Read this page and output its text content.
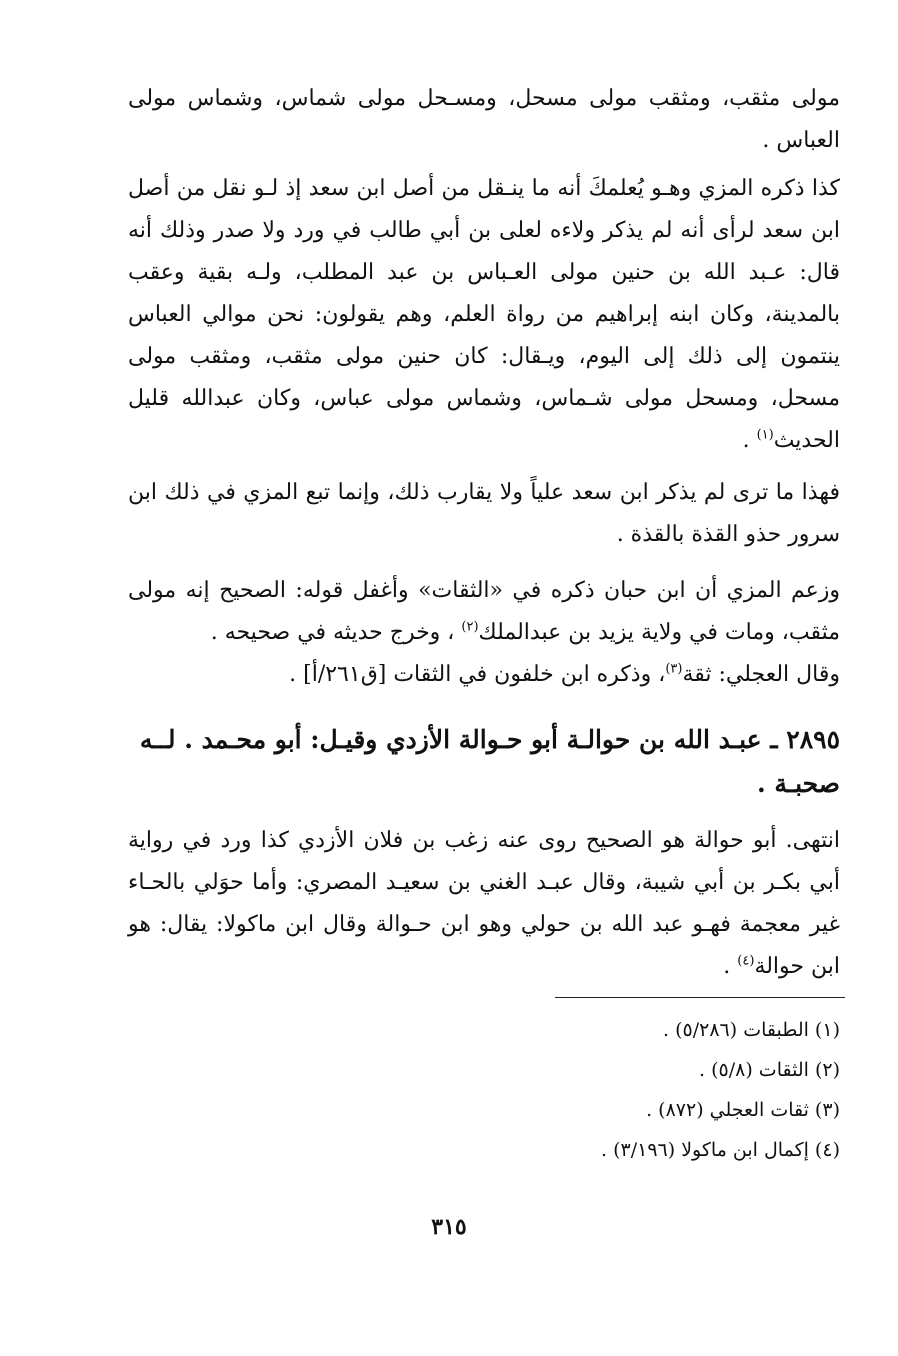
مولى مثقب، ومثقب مولى مسحل، ومسـحل مولى شماس، وشماس مولى العباس .

كذا ذكره المزي وهـو يُعلمكَ أنه ما ينـقل من أصل ابن سعد إذ لـو نقل من أصل ابن سعد لرأى أنه لم يذكر ولاءه لعلى بن أبي طالب في ورد ولا صدر وذلك أنه قال: عـبد الله بن حنين مولى العـباس بن عبد المطلب، ولـه بقية وعقب بالمدينة، وكان ابنه إبراهيم من رواة العلم، وهم يقولون: نحن موالي العباس ينتمون إلى ذلك إلى اليوم، ويـقال: كان حنين مولى مثقب، ومثقب مولى مسحل، ومسحل مولى شـماس، وشماس مولى عباس، وكان عبدالله قليل الحديث$^{(١)}$ .

فهذا ما ترى لم يذكر ابن سعد علياً ولا يقارب ذلك، وإنما تبع المزي في ذلك ابن سرور حذو القذة بالقذة .

وزعم المزي أن ابن حبان ذكره في «الثقات» وأغفل قوله: الصحيح إنه مولى مثقب، ومات في ولاية يزيد بن عبدالملك$^{(٢)}$ ، وخرج حديثه في صحيحه .
وقال العجلي: ثقة$^{(٣)}$، وذكره ابن خلفون في الثقات [ق٢٦١/أ] .

٢٨٩٥ ـ عبـد الله بن حوالـة أبو حـوالة الأزدي وقيـل: أبو محـمد . لــه صحبـة .

انتهى. أبو حوالة هو الصحيح روى عنه زغب بن فلان الأزدي كذا ورد في رواية أبي بكـر بن أبي شيبة، وقال عبـد الغني بن سعيـد المصري: وأما حوَلي بالحـاء غير معجمة فهـو عبد الله بن حولي وهو ابن حـوالة وقال ابن ماكولا: يقال: هو ابن حوالة$^{(٤)}$ .

(١) الطبقات (٥/٢٨٦) .
(٢) الثقات (٥/٨) .
(٣) ثقات العجلي (٨٧٢) .
(٤) إكمال ابن ماكولا (٣/١٩٦) .
٣١٥
